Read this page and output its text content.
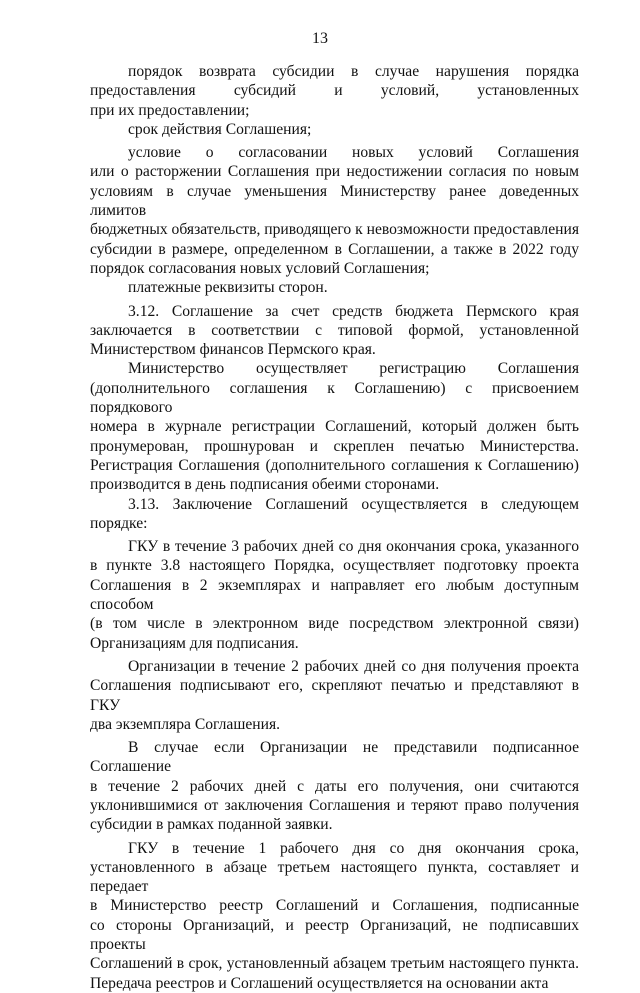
13
порядок возврата субсидии в случае нарушения порядка
предоставления субсидий и условий, установленных
при их предоставлении;
срок действия Соглашения;
условие о согласовании новых условий Соглашения
или о расторжении Соглашения при недостижении согласия по новым
условиям в случае уменьшения Министерству ранее доведенных лимитов
бюджетных обязательств, приводящего к невозможности предоставления
субсидии в размере, определенном в Соглашении, а также в 2022 году
порядок согласования новых условий Соглашения;
платежные реквизиты сторон.
3.12. Соглашение за счет средств бюджета Пермского края
заключается в соответствии с типовой формой, установленной
Министерством финансов Пермского края.
Министерство осуществляет регистрацию Соглашения
(дополнительного соглашения к Соглашению) с присвоением порядкового
номера в журнале регистрации Соглашений, который должен быть
пронумерован, прошнурован и скреплен печатью Министерства.
Регистрация Соглашения (дополнительного соглашения к Соглашению)
производится в день подписания обеими сторонами.
3.13. Заключение Соглашений осуществляется в следующем
порядке:
ГКУ в течение 3 рабочих дней со дня окончания срока, указанного
в пункте 3.8 настоящего Порядка, осуществляет подготовку проекта
Соглашения в 2 экземплярах и направляет его любым доступным способом
(в том числе в электронном виде посредством электронной связи)
Организациям для подписания.
Организации в течение 2 рабочих дней со дня получения проекта
Соглашения подписывают его, скрепляют печатью и представляют в ГКУ
два экземпляра Соглашения.
В случае если Организации не представили подписанное Соглашение
в течение 2 рабочих дней с даты его получения, они считаются
уклонившимися от заключения Соглашения и теряют право получения
субсидии в рамках поданной заявки.
ГКУ в течение 1 рабочего дня со дня окончания срока,
установленного в абзаце третьем настоящего пункта, составляет и передает
в Министерство реестр Соглашений и Соглашения, подписанные
со стороны Организаций, и реестр Организаций, не подписавших проекты
Соглашений в срок, установленный абзацем третьим настоящего пункта.
Передача реестров и Соглашений осуществляется на основании акта
